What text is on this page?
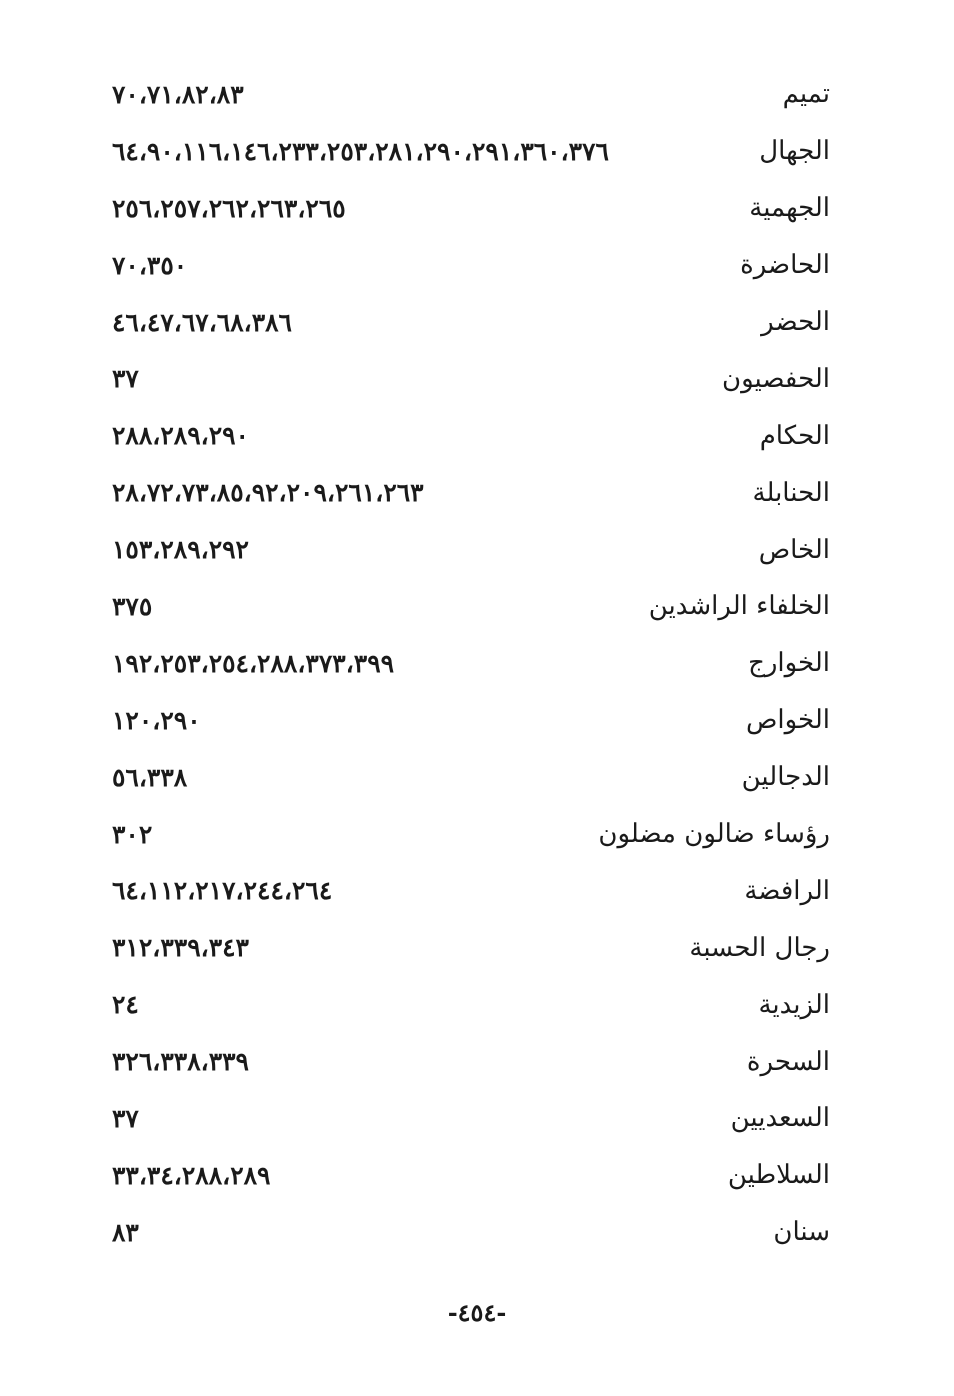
٧٠،٧١،٨٢،٨٣	تميم
٦٤،٩٠،١١٦،١٤٦،٢٣٣،٢٥٣،٢٨١،٢٩٠،٢٩١،٣٦٠،٣٧٦	الجهال
٢٥٦،٢٥٧،٢٦٢،٢٦٣،٢٦٥	الجهمية
٧٠،٣٥٠	الحاضرة
٤٦،٤٧،٦٧،٦٨،٣٨٦	الحضر
٣٧	الحفصيون
٢٨٨،٢٨٩،٢٩٠	الحكام
٢٨،٧٢،٧٣،٨٥،٩٢،٢٠٩،٢٦١،٢٦٣	الحنابلة
١٥٣،٢٨٩،٢٩٢	الخاص
٣٧٥	الخلفاء الراشدين
١٩٢،٢٥٣،٢٥٤،٢٨٨،٣٧٣،٣٩٩	الخوارج
١٢٠،٢٩٠	الخواص
٥٦،٣٣٨	الدجالين
٣٠٢	رؤساء ضالون مضلون
٦٤،١١٢،٢١٧،٢٤٤،٢٦٤	الرافضة
٣١٢،٣٣٩،٣٤٣	رجال الحسبة
٢٤	الزيدية
٣٢٦،٣٣٨،٣٣٩	السحرة
٣٧	السعديين
٣٣،٣٤،٢٨٨،٢٨٩	السلاطين
٨٣	سنان
-٤٥٤-
